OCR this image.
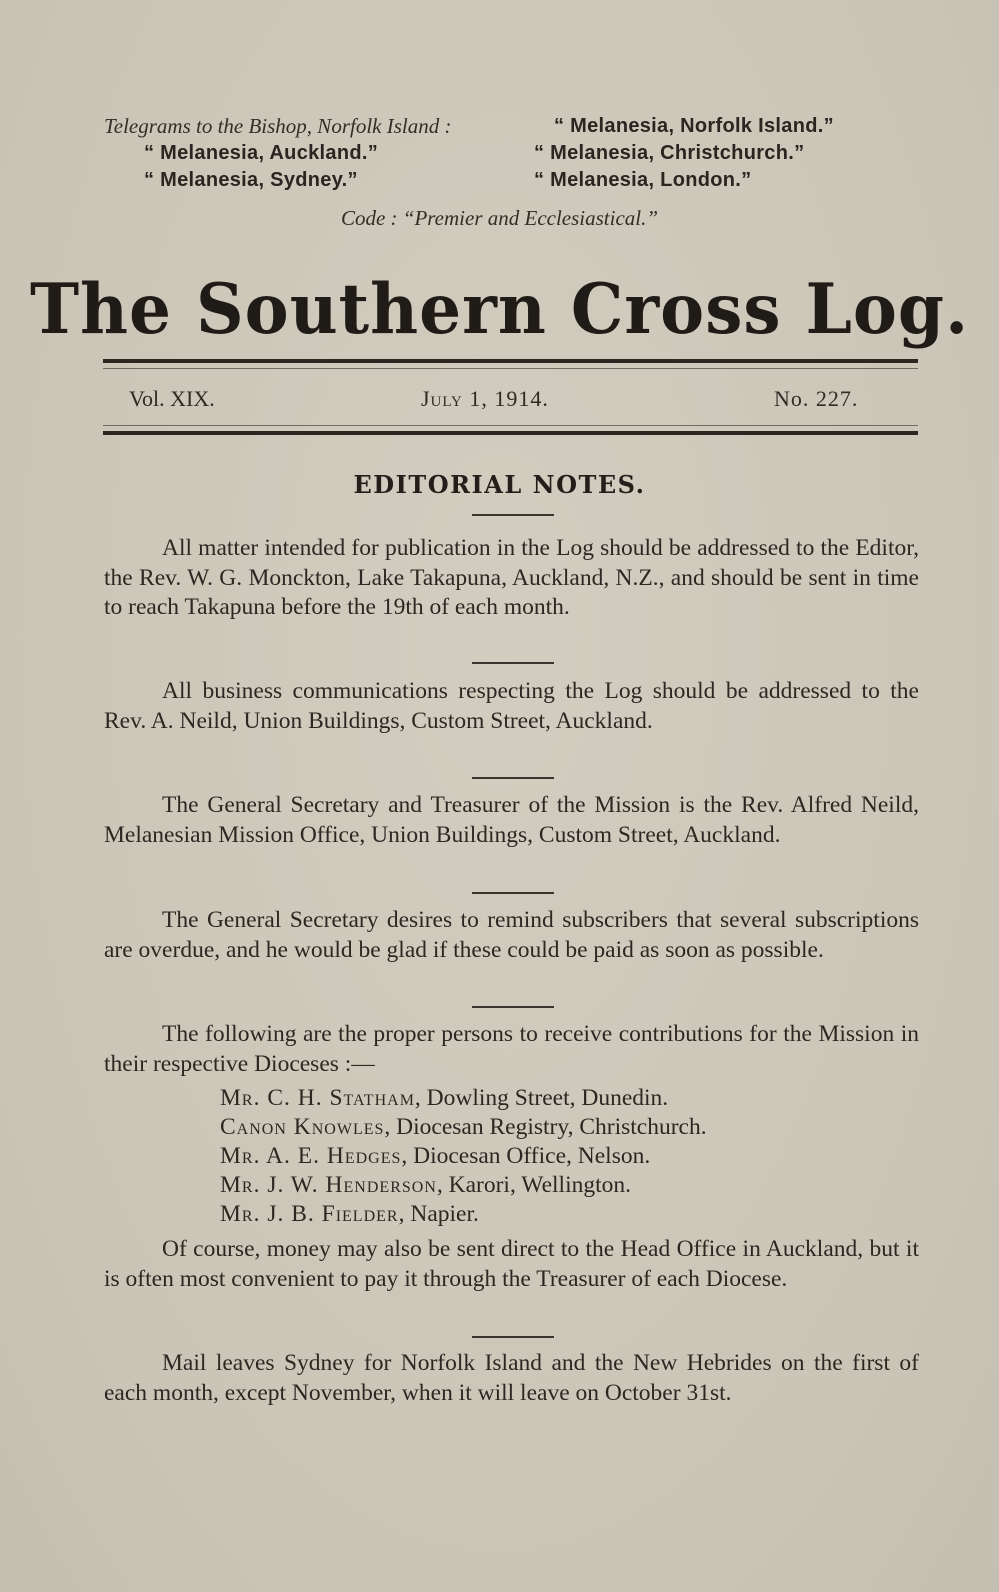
Telegrams to the Bishop, Norfolk Island :	“ Melanesia, Norfolk Island.”
“ Melanesia, Auckland.”	“ Melanesia, Christchurch.”
“ Melanesia, Sydney.”	“ Melanesia, London.”
Code : “Premier and Ecclesiastical.”
The Southern Cross Log.
Vol. XIX.	July 1, 1914.	No. 227.
EDITORIAL NOTES.
All matter intended for publication in the Log should be addressed to the Editor, the Rev. W. G. Monckton, Lake Takapuna, Auckland, N.Z., and should be sent in time to reach Takapuna before the 19th of each month.
All business communications respecting the Log should be addressed to the Rev. A. Neild, Union Buildings, Custom Street, Auckland.
The General Secretary and Treasurer of the Mission is the Rev. Alfred Neild, Melanesian Mission Office, Union Buildings, Custom Street, Auckland.
The General Secretary desires to remind subscribers that several subscriptions are overdue, and he would be glad if these could be paid as soon as possible.
The following are the proper persons to receive contributions for the Mission in their respective Dioceses :—
Mr. C. H. Statham, Dowling Street, Dunedin.
Canon Knowles, Diocesan Registry, Christchurch.
Mr. A. E. Hedges, Diocesan Office, Nelson.
Mr. J. W. Henderson, Karori, Wellington.
Mr. J. B. Fielder, Napier.
Of course, money may also be sent direct to the Head Office in Auckland, but it is often most convenient to pay it through the Treasurer of each Diocese.
Mail leaves Sydney for Norfolk Island and the New Hebrides on the first of each month, except November, when it will leave on October 31st.
